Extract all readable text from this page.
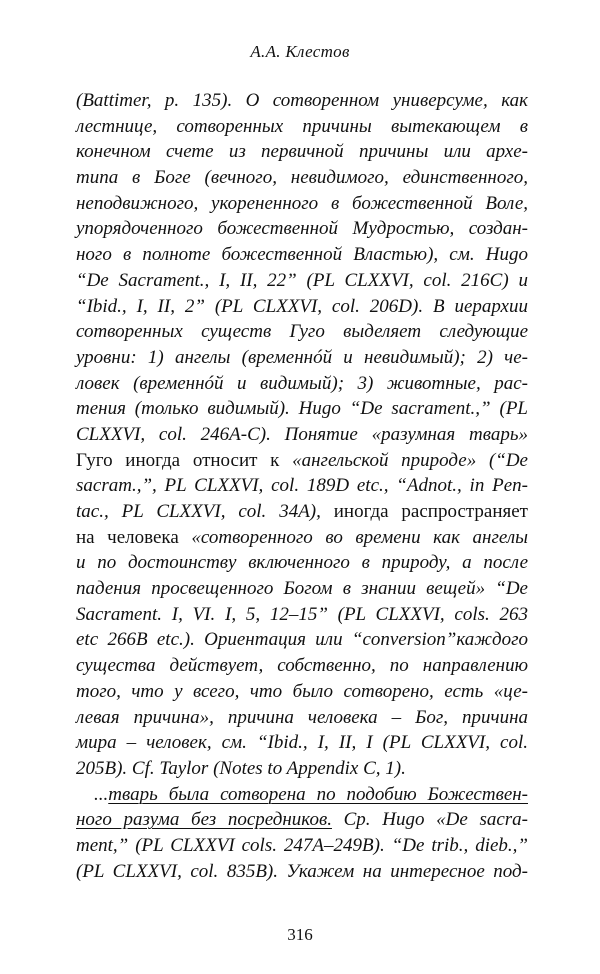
А.А. Клестов
(Battimer, p. 135). О сотворенном универсуме, как
лестнице, сотворенных причины вытекающем в
конечном счете из первичной причины или архе-
типа в Боге (вечного, невидимого, единственного,
неподвижного, укорененного в божественной Воле,
упорядоченного божественной Мудростью, создан-
ного в полноте божественной Властью), см. Hugo
“De Sacrament., I, II, 22” (PL CLXXVI, col. 216C) и
“Ibid., I, II, 2” (PL CLXXVI, col. 206D). В иерархии
сотворенных существ Гуго выделяет следующие
уровни: 1) ангелы (временнóй и невидимый); 2) че-
ловек (временнóй и видимый); 3) животные, рас-
тения (только видимый). Hugo “De sacrament.,” (PL
CLXXVI, col. 246A-C). Понятие «разумная тварь»
Гуго иногда относит к «ангельской природе» (“De
sacram.,”, PL CLXXVI, col. 189D etc., “Adnot., in Pen-
tac., PL CLXXVI, col. 34A), иногда распространяет
на человека «сотворенного во времени как ангелы
и по достоинству включенного в природу, а после
падения просвещенного Богом в знании вещей» “De
Sacrament. I, VI. I, 5, 12–15” (PL CLXXVI, cols. 263
etc 266B etc.). Ориентация или “conversion”каждого
существа действует, собственно, по направлению
того, что у всего, что было сотворено, есть «це-
левая причина», причина человека – Бог, причина
мира – человек, см. “Ibid., I, II, I (PL CLXXVI, col.
205B). Cf. Taylor (Notes to Appendix C, 1).
...тварь была сотворена по подобию Божествен-
ного разума без посредников. Ср. Hugo «De sacra-
ment,” (PL CLXXVI cols. 247A–249B). “De trib., dieb.,”
(PL CLXXVI, col. 835B). Укажем на интересное под-
316
